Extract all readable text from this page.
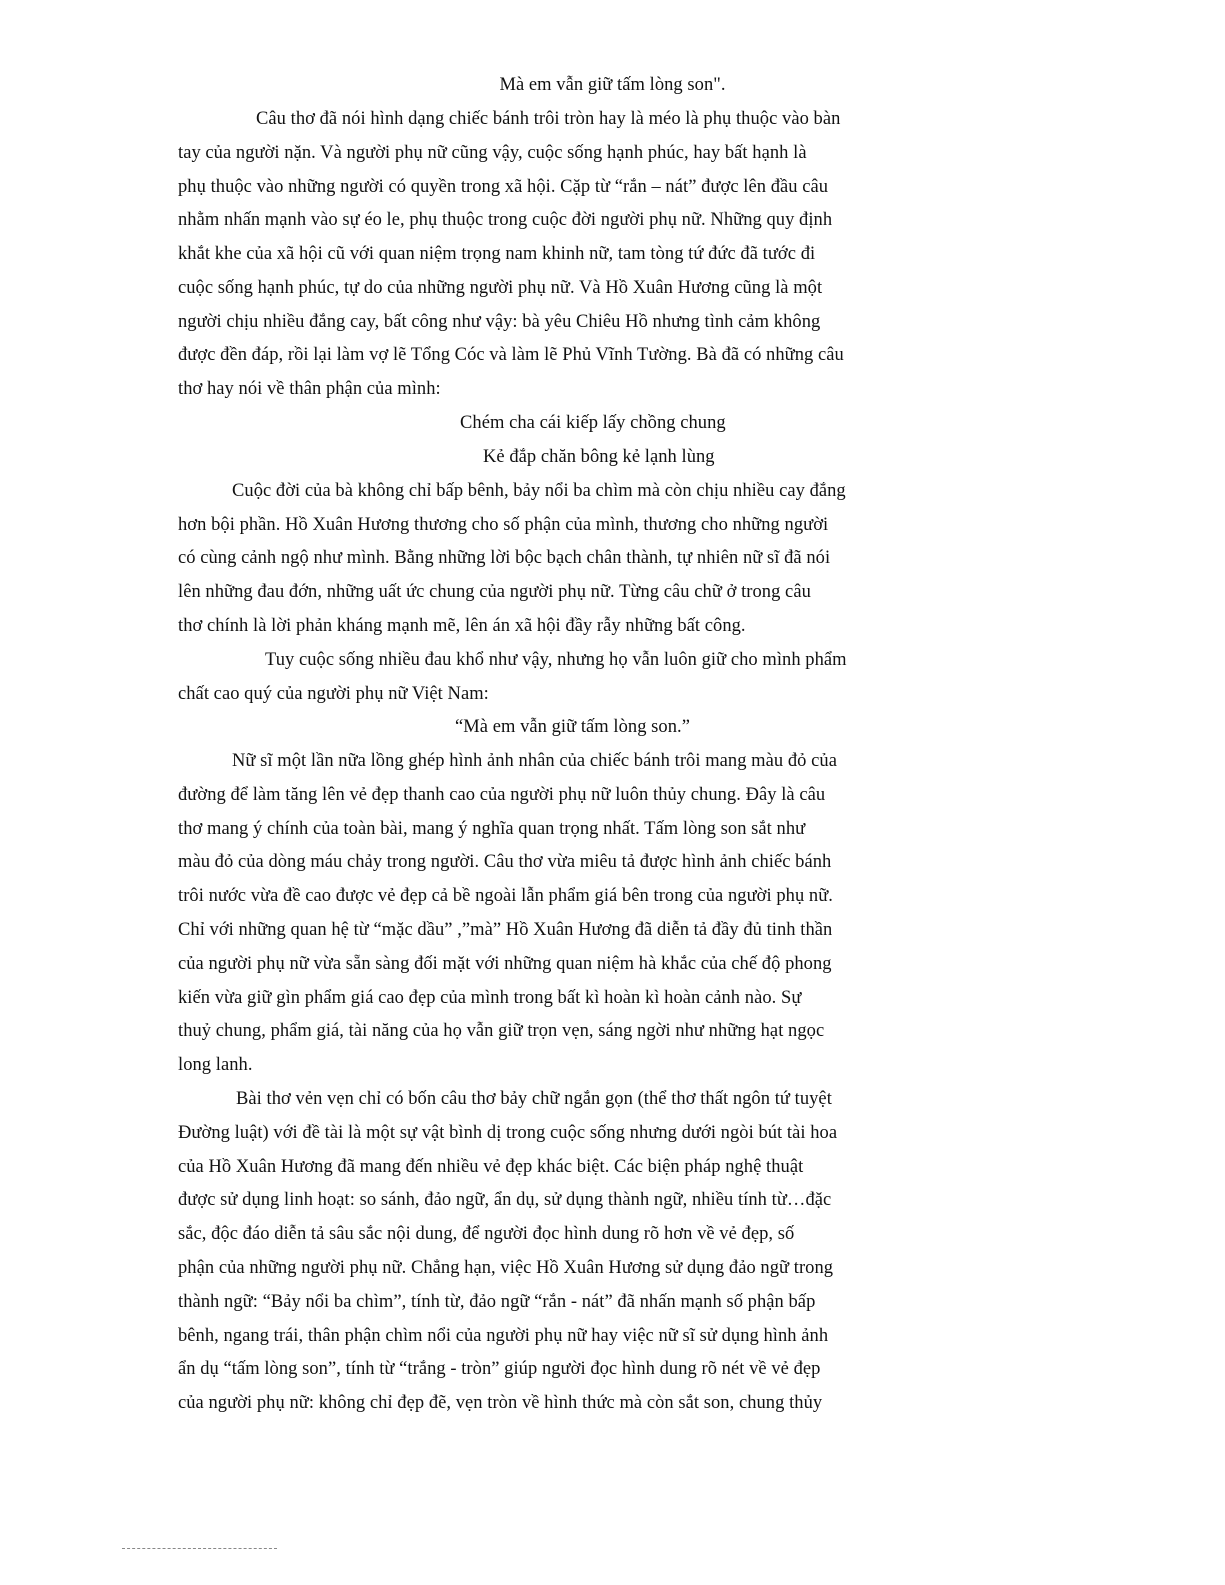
Mà em vẫn giữ tấm lòng son".
Câu thơ đã nói hình dạng chiếc bánh trôi tròn hay là méo là phụ thuộc vào bàn
tay của người nặn. Và người phụ nữ cũng vậy, cuộc sống hạnh phúc, hay bất hạnh là
phụ thuộc vào những người có quyền trong xã hội. Cặp từ “rắn – nát” được lên đầu câu
nhằm nhấn mạnh vào sự éo le, phụ thuộc trong cuộc đời người phụ nữ. Những quy định
khắt khe của xã hội cũ với quan niệm trọng nam khinh nữ, tam tòng tứ đức đã tước đi
cuộc sống hạnh phúc, tự do của những người phụ nữ. Và Hồ Xuân Hương cũng là một
người chịu nhiều đắng cay, bất công như vậy: bà yêu Chiêu Hồ nhưng tình cảm không
được đền đáp, rồi lại làm vợ lẽ Tổng Cóc và làm lẽ Phủ Vĩnh Tường. Bà đã có những câu
thơ hay nói về thân phận của mình:
Chém cha cái kiếp lấy chồng chung
Kẻ đắp chăn bông kẻ lạnh lùng
Cuộc đời của bà không chỉ bấp bênh, bảy nổi ba chìm mà còn chịu nhiều cay đắng
hơn bội phần. Hồ Xuân Hương thương cho số phận của mình, thương cho những người
có cùng cảnh ngộ như mình. Bằng những lời bộc bạch chân thành, tự nhiên nữ sĩ đã nói
lên những đau đớn, những uất ức chung của người phụ nữ. Từng câu chữ ở trong câu
thơ chính là lời phản kháng mạnh mẽ, lên án xã hội đầy rẫy những bất công.
Tuy cuộc sống nhiều đau khổ như vậy, nhưng họ vẫn luôn giữ cho mình phẩm
chất cao quý của người phụ nữ Việt Nam:
“Mà em vẫn giữ tấm lòng son.”
Nữ sĩ một lần nữa lồng ghép hình ảnh nhân của chiếc bánh trôi mang màu đỏ của
đường để làm tăng lên vẻ đẹp thanh cao của người phụ nữ luôn thủy chung. Đây là câu
thơ mang ý chính của toàn bài, mang ý nghĩa quan trọng nhất. Tấm lòng son sắt như
màu đỏ của dòng máu chảy trong người. Câu thơ vừa miêu tả được hình ảnh chiếc bánh
trôi nước vừa đề cao được vẻ đẹp cả bề ngoài lẫn phẩm giá bên trong của người phụ nữ.
Chỉ với những quan hệ từ “mặc dầu” ,”mà” Hồ Xuân Hương đã diễn tả đầy đủ tinh thần
của người phụ nữ vừa sẵn sàng đối mặt với những quan niệm hà khắc của chế độ phong
kiến vừa giữ gìn phẩm giá cao đẹp của mình trong bất kì hoàn kì hoàn cảnh nào. Sự
thuỷ chung, phẩm giá, tài năng của họ vẫn giữ trọn vẹn, sáng ngời như những hạt ngọc
long lanh.
Bài thơ vẻn vẹn chỉ có bốn câu thơ bảy chữ ngắn gọn (thể thơ thất ngôn tứ tuyệt
Đường luật) với đề tài là một sự vật bình dị trong cuộc sống nhưng dưới ngòi bút tài hoa
của Hồ Xuân Hương đã mang đến nhiều vẻ đẹp khác biệt. Các biện pháp nghệ thuật
được sử dụng linh hoạt: so sánh, đảo ngữ, ẩn dụ, sử dụng thành ngữ, nhiều tính từ…đặc
sắc, độc đáo diễn tả sâu sắc nội dung, để người đọc hình dung rõ hơn về vẻ đẹp, số
phận của những người phụ nữ. Chẳng hạn, việc Hồ Xuân Hương sử dụng đảo ngữ trong
thành ngữ: “Bảy nổi ba chìm”, tính từ, đảo ngữ “rắn - nát” đã nhấn mạnh số phận bấp
bênh, ngang trái, thân phận chìm nổi của người phụ nữ hay việc nữ sĩ sử dụng hình ảnh
ẩn dụ “tấm lòng son”, tính từ “trắng - tròn” giúp người đọc hình dung rõ nét về vẻ đẹp
của người phụ nữ: không chỉ đẹp đẽ, vẹn tròn về hình thức mà còn sắt son, chung thủy
